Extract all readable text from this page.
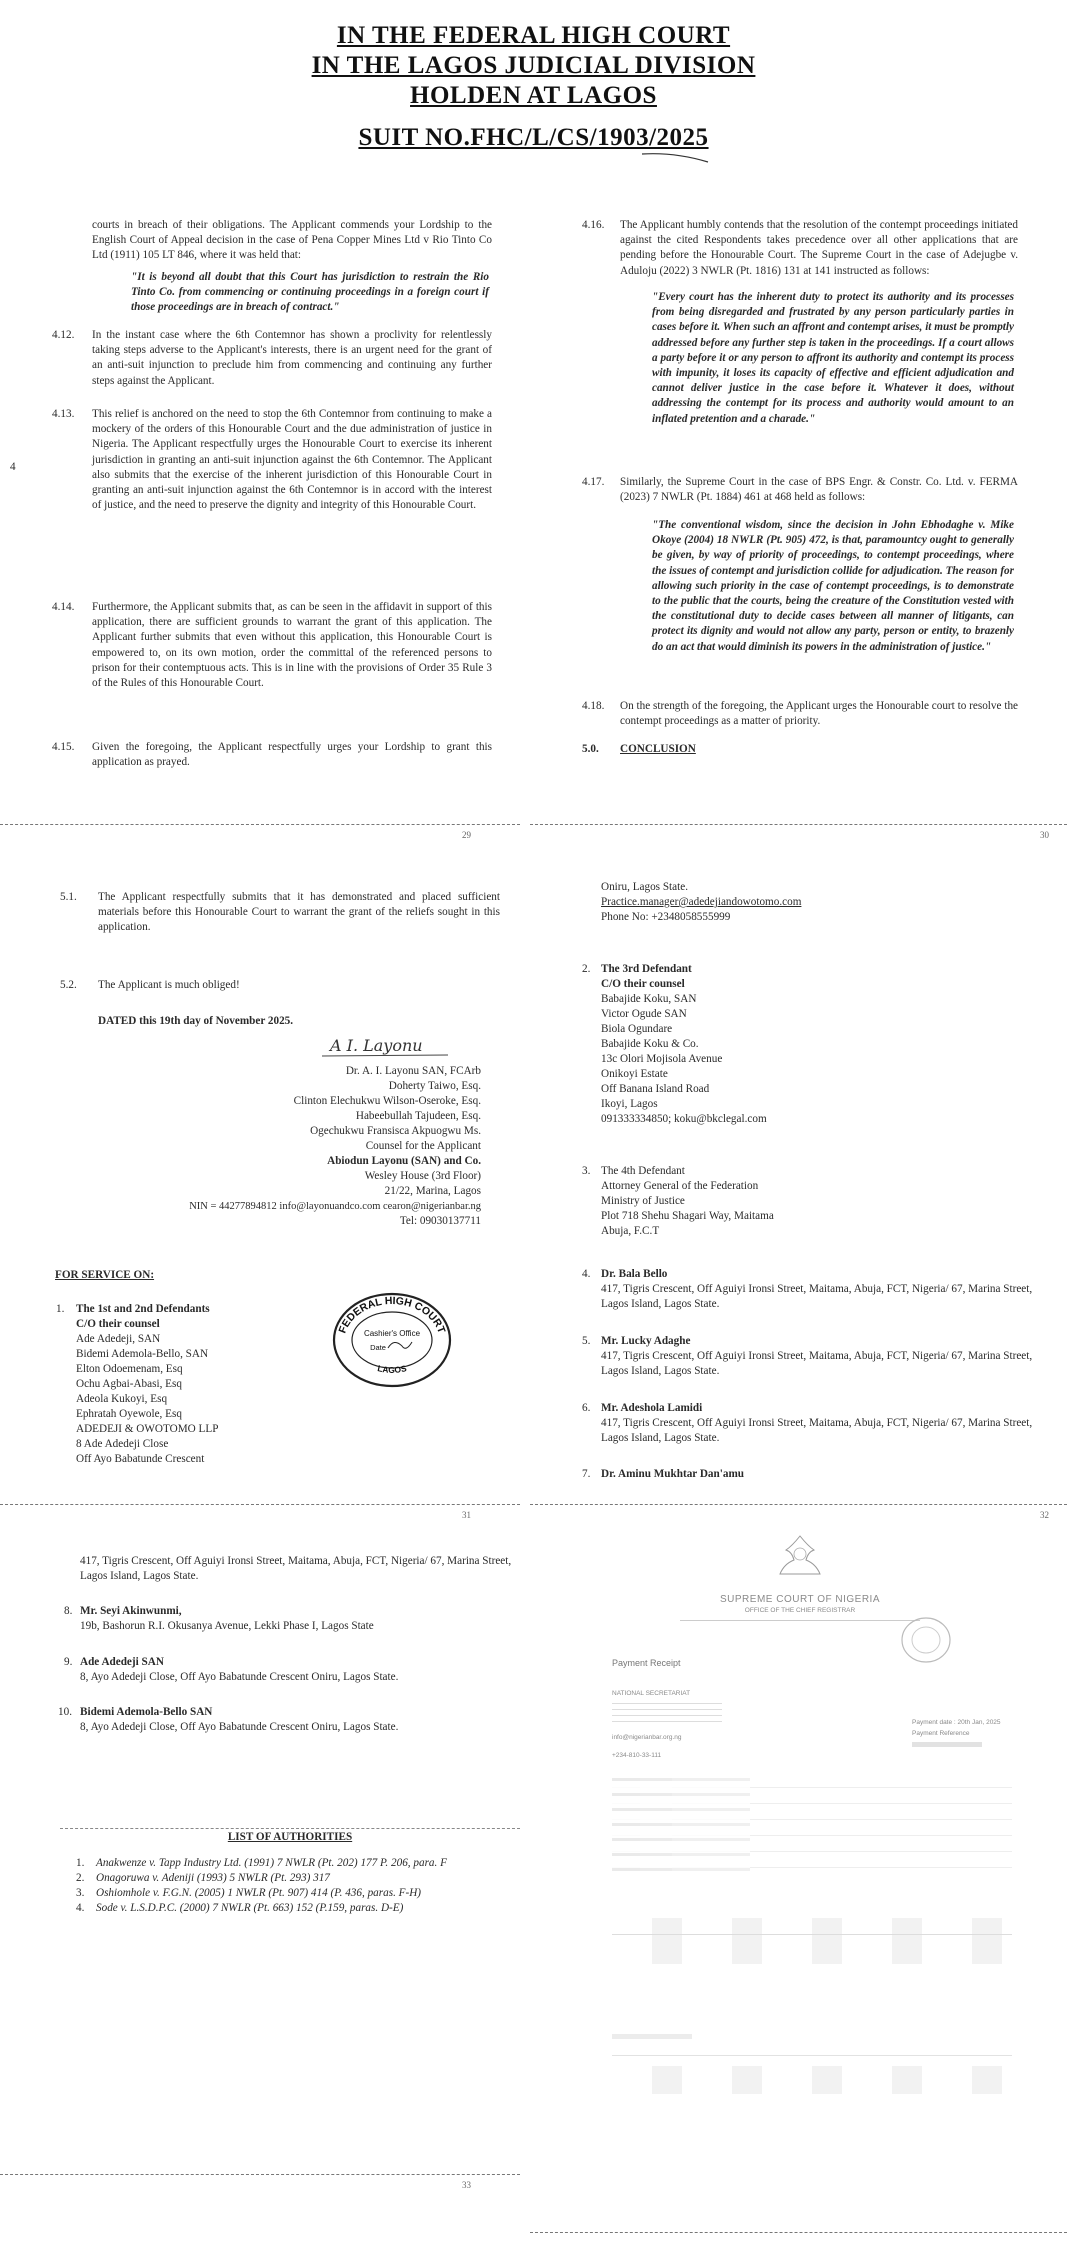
IN THE FEDERAL HIGH COURT
IN THE LAGOS JUDICIAL DIVISION
HOLDEN AT LAGOS
SUIT NO.FHC/L/CS/1903/2025
courts in breach of their obligations. The Applicant commends your Lordship to the English Court of Appeal decision in the case of Pena Copper Mines Ltd v Rio Tinto Co Ltd (1911) 105 LT 846, where it was held that:
"It is beyond all doubt that this Court has jurisdiction to restrain the Rio Tinto Co. from commencing or continuing proceedings in a foreign court if those proceedings are in breach of contract."
4.12. In the instant case where the 6th Contemnor has shown a proclivity for relentlessly taking steps adverse to the Applicant's interests, there is an urgent need for the grant of an anti-suit injunction to preclude him from commencing and continuing any further steps against the Applicant.
4.13. This relief is anchored on the need to stop the 6th Contemnor from continuing to make a mockery of the orders of this Honourable Court and the due administration of justice in Nigeria. The Applicant respectfully urges the Honourable Court to exercise its inherent jurisdiction in granting an anti-suit injunction against the 6th Contemnor. The Applicant also submits that the exercise of the inherent jurisdiction of this Honourable Court in granting an anti-suit injunction against the 6th Contemnor is in accord with the interest of justice, and the need to preserve the dignity and integrity of this Honourable Court.
4
4.14. Furthermore, the Applicant submits that, as can be seen in the affidavit in support of this application, there are sufficient grounds to warrant the grant of this application. The Applicant further submits that even without this application, this Honourable Court is empowered to, on its own motion, order the committal of the referenced persons to prison for their contemptuous acts. This is in line with the provisions of Order 35 Rule 3 of the Rules of this Honourable Court.
4.15. Given the foregoing, the Applicant respectfully urges your Lordship to grant this application as prayed.
4.16. The Applicant humbly contends that the resolution of the contempt proceedings initiated against the cited Respondents takes precedence over all other applications that are pending before the Honourable Court. The Supreme Court in the case of Adejugbe v. Aduloju (2022) 3 NWLR (Pt. 1816) 131 at 141 instructed as follows:
"Every court has the inherent duty to protect its authority and its processes from being disregarded and frustrated by any person particularly parties in cases before it. When such an affront and contempt arises, it must be promptly addressed before any further step is taken in the proceedings. If a court allows a party before it or any person to affront its authority and contempt its process with impunity, it loses its capacity of effective and efficient adjudication and cannot deliver justice in the case before it. Whatever it does, without addressing the contempt for its process and authority would amount to an inflated pretention and a charade."
4.17. Similarly, the Supreme Court in the case of BPS Engr. & Constr. Co. Ltd. v. FERMA (2023) 7 NWLR (Pt. 1884) 461 at 468 held as follows:
"The conventional wisdom, since the decision in John Ebhodaghe v. Mike Okoye (2004) 18 NWLR (Pt. 905) 472, is that, paramountcy ought to generally be given, by way of priority of proceedings, to contempt proceedings, where the issues of contempt and jurisdiction collide for adjudication. The reason for allowing such priority in the case of contempt proceedings, is to demonstrate to the public that the courts, being the creature of the Constitution vested with the constitutional duty to decide cases between all manner of litigants, can protect its dignity and would not allow any party, person or entity, to brazenly do an act that would diminish its powers in the administration of justice."
4.18. On the strength of the foregoing, the Applicant urges the Honourable court to resolve the contempt proceedings as a matter of priority.
5.0. CONCLUSION
29	30
5.1. The Applicant respectfully submits that it has demonstrated and placed sufficient materials before this Honourable Court to warrant the grant of the reliefs sought in this application.
5.2. The Applicant is much obliged!
DATED this 19th day of November 2025.
A I. Layonu
Dr. A. I. Layonu SAN, FCArb
Doherty Taiwo, Esq.
Clinton Elechukwu Wilson-Oseroke, Esq.
Habeebullah Tajudeen, Esq.
Ogechukwu Fransisca Akpuogwu Ms.
Counsel for the Applicant
Abiodun Layonu (SAN) and Co.
Wesley House (3rd Floor)
21/22, Marina, Lagos
NIN = 44277894812 info@layonuandco.com cearon@nigerianbar.ng
Tel: 09030137711
FOR SERVICE ON:
1. The 1st and 2nd Defendants
C/O their counsel
Ade Adedeji, SAN
Bidemi Ademola-Bello, SAN
Elton Odoemenam, Esq
Ochu Agbai-Abasi, Esq
Adeola Kukoyi, Esq
Ephratah Oyewole, Esq
ADEDEJI & OWOTOMO LLP
8 Ade Adedeji Close
Off Ayo Babatunde Crescent
FEDERAL HIGH COURT
Cashier's Office
Date
LAGOS
Oniru, Lagos State.
Practice.manager@adedejiandowotomo.com
Phone No: +2348058555999
2. The 3rd Defendant
C/O their counsel
Babajide Koku, SAN
Victor Ogude SAN
Biola Ogundare
Babajide Koku & Co.
13c Olori Mojisola Avenue
Onikoyi Estate
Off Banana Island Road
Ikoyi, Lagos
091333334850; koku@bkclegal.com
3. The 4th Defendant
Attorney General of the Federation
Ministry of Justice
Plot 718 Shehu Shagari Way, Maitama
Abuja, F.C.T
4. Dr. Bala Bello
417, Tigris Crescent, Off Aguiyi Ironsi Street, Maitama, Abuja, FCT, Nigeria/ 67, Marina Street, Lagos Island, Lagos State.
5. Mr. Lucky Adaghe
417, Tigris Crescent, Off Aguiyi Ironsi Street, Maitama, Abuja, FCT, Nigeria/ 67, Marina Street, Lagos Island, Lagos State.
6. Mr. Adeshola Lamidi
417, Tigris Crescent, Off Aguiyi Ironsi Street, Maitama, Abuja, FCT, Nigeria/ 67, Marina Street, Lagos Island, Lagos State.
7. Dr. Aminu Mukhtar Dan'amu
31	32
417, Tigris Crescent, Off Aguiyi Ironsi Street, Maitama, Abuja, FCT, Nigeria/ 67, Marina Street, Lagos Island, Lagos State.
8. Mr. Seyi Akinwunmi,
19b, Bashorun R.I. Okusanya Avenue, Lekki Phase I, Lagos State
9. Ade Adedeji SAN
8, Ayo Adedeji Close, Off Ayo Babatunde Crescent Oniru, Lagos State.
10. Bidemi Ademola-Bello SAN
8, Ayo Adedeji Close, Off Ayo Babatunde Crescent Oniru, Lagos State.
LIST OF AUTHORITIES
1. Anakwenze v. Tapp Industry Ltd. (1991) 7 NWLR (Pt. 202) 177 P. 206, para. F
2. Onagoruwa v. Adeniji (1993) 5 NWLR (Pt. 293) 317
3. Oshiomhole v. F.G.N. (2005) 1 NWLR (Pt. 907) 414 (P. 436, paras. F-H)
4. Sode v. L.S.D.P.C. (2000) 7 NWLR (Pt. 663) 152 (P.159, paras. D-E)
33
SUPREME COURT OF NIGERIA
OFFICE OF THE CHIEF REGISTRAR
Payment Receipt
NATIONAL SECRETARIAT
info@nigerianbar.org.ng
+234-810-33-111
Payment date : 20th Jan, 2025
Payment Reference
